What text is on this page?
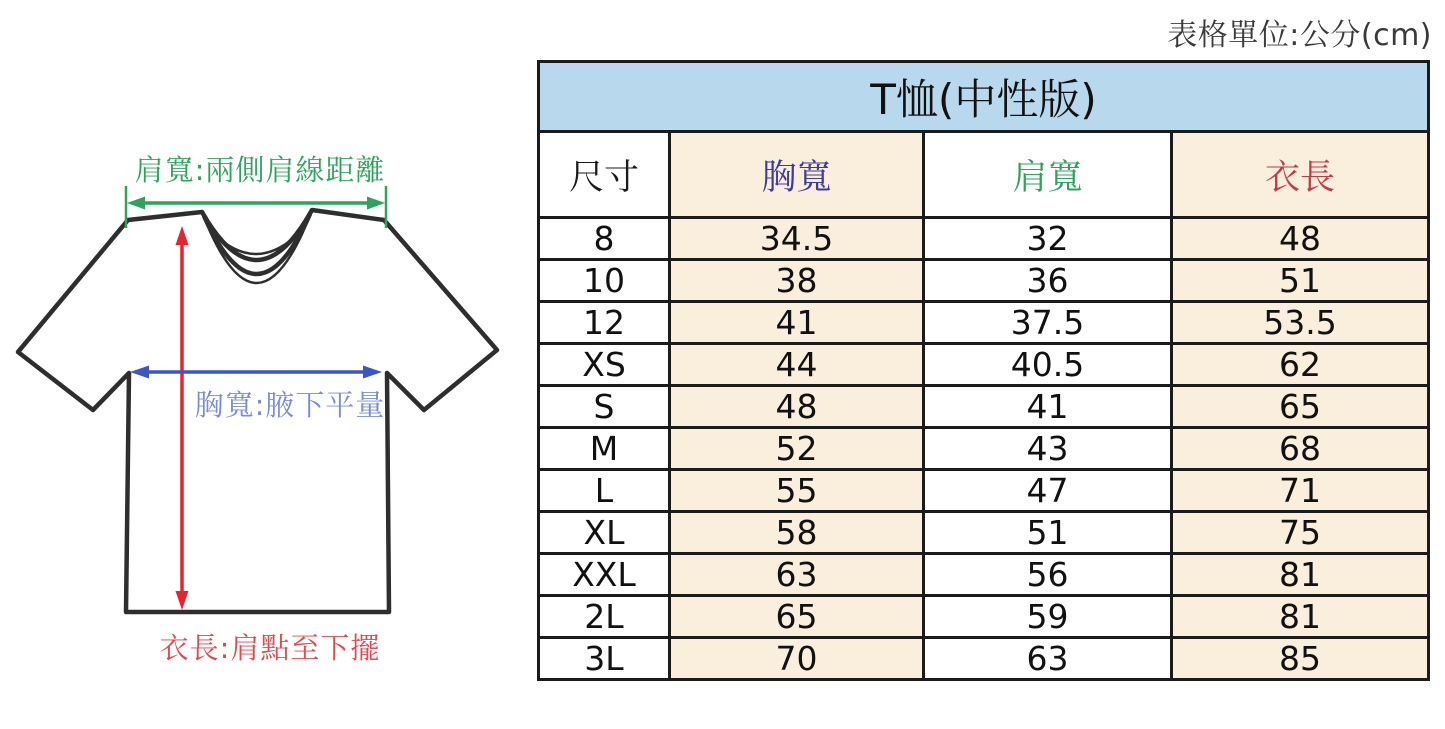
肩寬:兩側肩線距離
胸寬:腋下平量
衣長:肩點至下擺
表格單位:公分(cm)
T恤(中性版)			
尺寸	胸寬	肩寬	衣長
8	34.5	32	48
10	38	36	51
12	41	37.5	53.5
XS	44	40.5	62
S	48	41	65
M	52	43	68
L	55	47	71
XL	58	51	75
XXL	63	56	81
2L	65	59	81
3L	70	63	85
